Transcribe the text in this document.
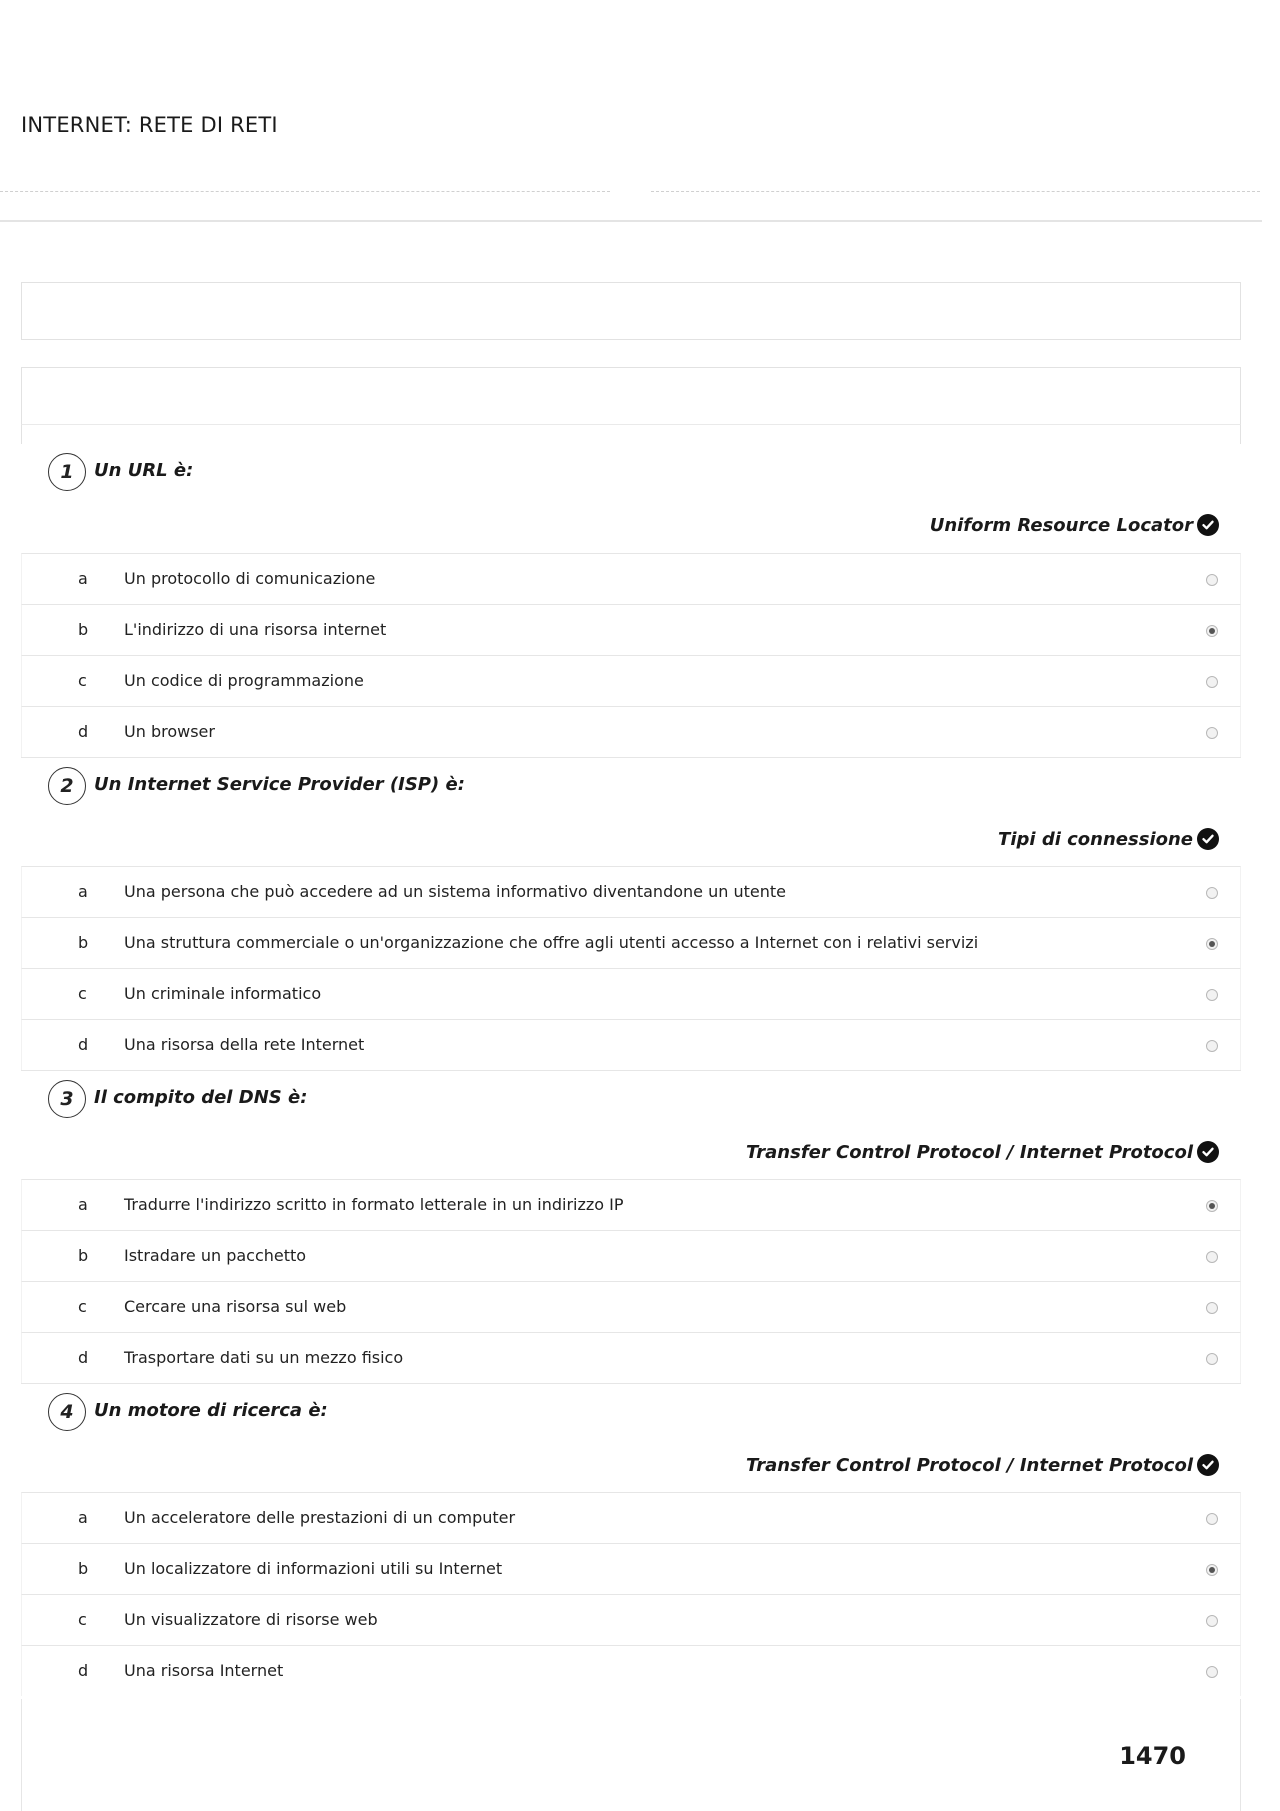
INTERNET: RETE DI RETI
1	Un URL è:
Uniform Resource Locator
a Un protocollo di comunicazione
b L'indirizzo di una risorsa internet
c Un codice di programmazione
d Un browser
2	Un Internet Service Provider (ISP) è:
Tipi di connessione
a Una persona che può accedere ad un sistema informativo diventandone un utente
b Una struttura commerciale o un'organizzazione che offre agli utenti accesso a Internet con i relativi servizi
c Un criminale informatico
d Una risorsa della rete Internet
3	Il compito del DNS è:
Transfer Control Protocol / Internet Protocol
a Tradurre l'indirizzo scritto in formato letterale in un indirizzo IP
b Istradare un pacchetto
c Cercare una risorsa sul web
d Trasportare dati su un mezzo fisico
4	Un motore di ricerca è:
Transfer Control Protocol / Internet Protocol
a Un acceleratore delle prestazioni di un computer
b Un localizzatore di informazioni utili su Internet
c Un visualizzatore di risorse web
d Una risorsa Internet
1470
